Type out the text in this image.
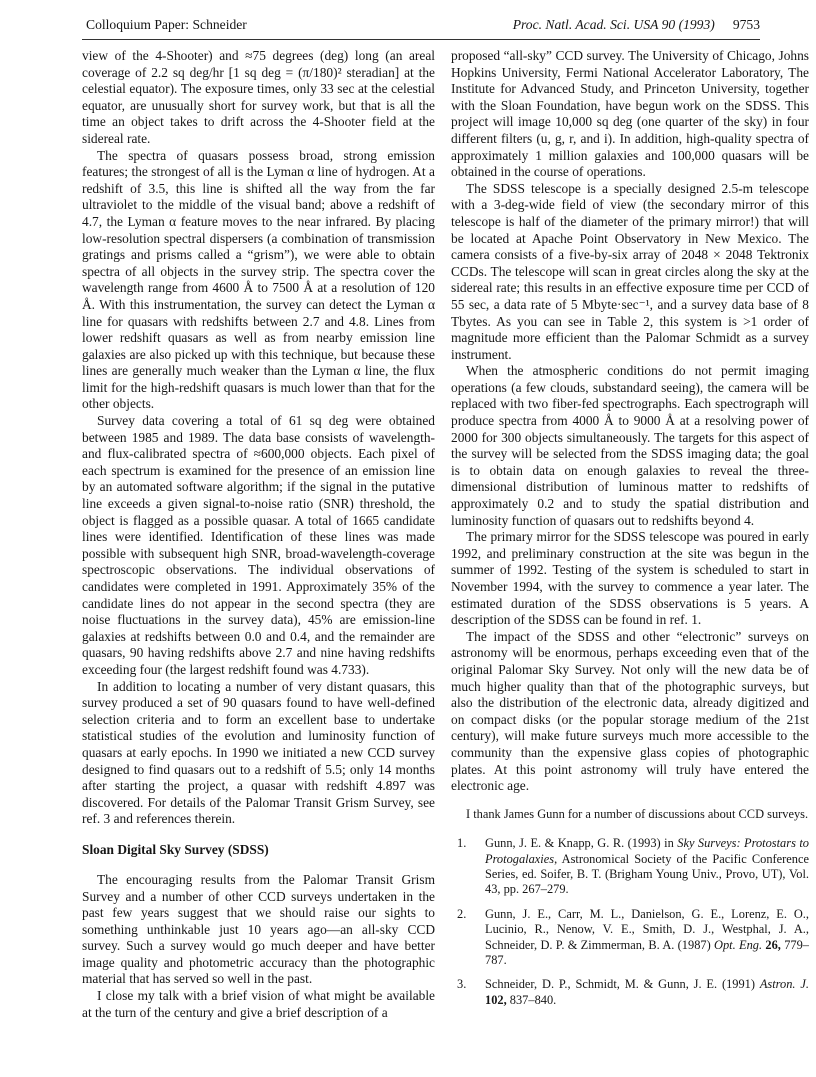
Colloquium Paper: Schneider	Proc. Natl. Acad. Sci. USA 90 (1993) 9753

view of the 4-Shooter) and ≈75 degrees (deg) long (an areal coverage of 2.2 sq deg/hr [1 sq deg = (π/180)² steradian] at the celestial equator). The exposure times, only 33 sec at the celestial equator, are unusually short for survey work, but that is all the time an object takes to drift across the 4-Shooter field at the sidereal rate.

The spectra of quasars possess broad, strong emission features; the strongest of all is the Lyman α line of hydrogen. At a redshift of 3.5, this line is shifted all the way from the far ultraviolet to the middle of the visual band; above a redshift of 4.7, the Lyman α feature moves to the near infrared. By placing low-resolution spectral dispersers (a combination of transmission gratings and prisms called a “grism”), we were able to obtain spectra of all objects in the survey strip. The spectra cover the wavelength range from 4600 Å to 7500 Å at a resolution of 120 Å. With this instrumentation, the survey can detect the Lyman α line for quasars with redshifts between 2.7 and 4.8. Lines from lower redshift quasars as well as from nearby emission line galaxies are also picked up with this technique, but because these lines are generally much weaker than the Lyman α line, the flux limit for the high-redshift quasars is much lower than that for the other objects.

Survey data covering a total of 61 sq deg were obtained between 1985 and 1989. The data base consists of wavelength- and flux-calibrated spectra of ≈600,000 objects. Each pixel of each spectrum is examined for the presence of an emission line by an automated software algorithm; if the signal in the putative line exceeds a given signal-to-noise ratio (SNR) threshold, the object is flagged as a possible quasar. A total of 1665 candidate lines were identified. Identification of these lines was made possible with subsequent high SNR, broad-wavelength-coverage spectroscopic observations. The individual observations of candidates were completed in 1991. Approximately 35% of the candidate lines do not appear in the second spectra (they are noise fluctuations in the survey data), 45% are emission-line galaxies at redshifts between 0.0 and 0.4, and the remainder are quasars, 90 having redshifts above 2.7 and nine having redshifts exceeding four (the largest redshift found was 4.733).

In addition to locating a number of very distant quasars, this survey produced a set of 90 quasars found to have well-defined selection criteria and to form an excellent base to undertake statistical studies of the evolution and luminosity function of quasars at early epochs. In 1990 we initiated a new CCD survey designed to find quasars out to a redshift of 5.5; only 14 months after starting the project, a quasar with redshift 4.897 was discovered. For details of the Palomar Transit Grism Survey, see ref. 3 and references therein.

Sloan Digital Sky Survey (SDSS)

The encouraging results from the Palomar Transit Grism Survey and a number of other CCD surveys undertaken in the past few years suggest that we should raise our sights to something unthinkable just 10 years ago—an all-sky CCD survey. Such a survey would go much deeper and have better image quality and photometric accuracy than the photographic material that has served so well in the past.

I close my talk with a brief vision of what might be available at the turn of the century and give a brief description of a

proposed “all-sky” CCD survey. The University of Chicago, Johns Hopkins University, Fermi National Accelerator Laboratory, The Institute for Advanced Study, and Princeton University, together with the Sloan Foundation, have begun work on the SDSS. This project will image 10,000 sq deg (one quarter of the sky) in four different filters (u, g, r, and i). In addition, high-quality spectra of approximately 1 million galaxies and 100,000 quasars will be obtained in the course of operations.

The SDSS telescope is a specially designed 2.5-m telescope with a 3-deg-wide field of view (the secondary mirror of this telescope is half of the diameter of the primary mirror!) that will be located at Apache Point Observatory in New Mexico. The camera consists of a five-by-six array of 2048 × 2048 Tektronix CCDs. The telescope will scan in great circles along the sky at the sidereal rate; this results in an effective exposure time per CCD of 55 sec, a data rate of 5 Mbyte·sec⁻¹, and a survey data base of 8 Tbytes. As you can see in Table 2, this system is >1 order of magnitude more efficient than the Palomar Schmidt as a survey instrument.

When the atmospheric conditions do not permit imaging operations (a few clouds, substandard seeing), the camera will be replaced with two fiber-fed spectrographs. Each spectrograph will produce spectra from 4000 Å to 9000 Å at a resolving power of 2000 for 300 objects simultaneously. The targets for this aspect of the survey will be selected from the SDSS imaging data; the goal is to obtain data on enough galaxies to reveal the three-dimensional distribution of luminous matter to redshifts of approximately 0.2 and to study the spatial distribution and luminosity function of quasars out to redshifts beyond 4.

The primary mirror for the SDSS telescope was poured in early 1992, and preliminary construction at the site was begun in the summer of 1992. Testing of the system is scheduled to start in November 1994, with the survey to commence a year later. The estimated duration of the SDSS observations is 5 years. A description of the SDSS can be found in ref. 1.

The impact of the SDSS and other “electronic” surveys on astronomy will be enormous, perhaps exceeding even that of the original Palomar Sky Survey. Not only will the new data be of much higher quality than that of the photographic surveys, but also the distribution of the electronic data, already digitized and on compact disks (or the popular storage medium of the 21st century), will make future surveys much more accessible to the community than the expensive glass copies of photographic plates. At this point astronomy will truly have entered the electronic age.

I thank James Gunn for a number of discussions about CCD surveys.

1. Gunn, J. E. & Knapp, G. R. (1993) in Sky Surveys: Protostars to Protogalaxies, Astronomical Society of the Pacific Conference Series, ed. Soifer, B. T. (Brigham Young Univ., Provo, UT), Vol. 43, pp. 267–279.
2. Gunn, J. E., Carr, M. L., Danielson, G. E., Lorenz, E. O., Lucinio, R., Nenow, V. E., Smith, D. J., Westphal, J. A., Schneider, D. P. & Zimmerman, B. A. (1987) Opt. Eng. 26, 779–787.
3. Schneider, D. P., Schmidt, M. & Gunn, J. E. (1991) Astron. J. 102, 837–840.
